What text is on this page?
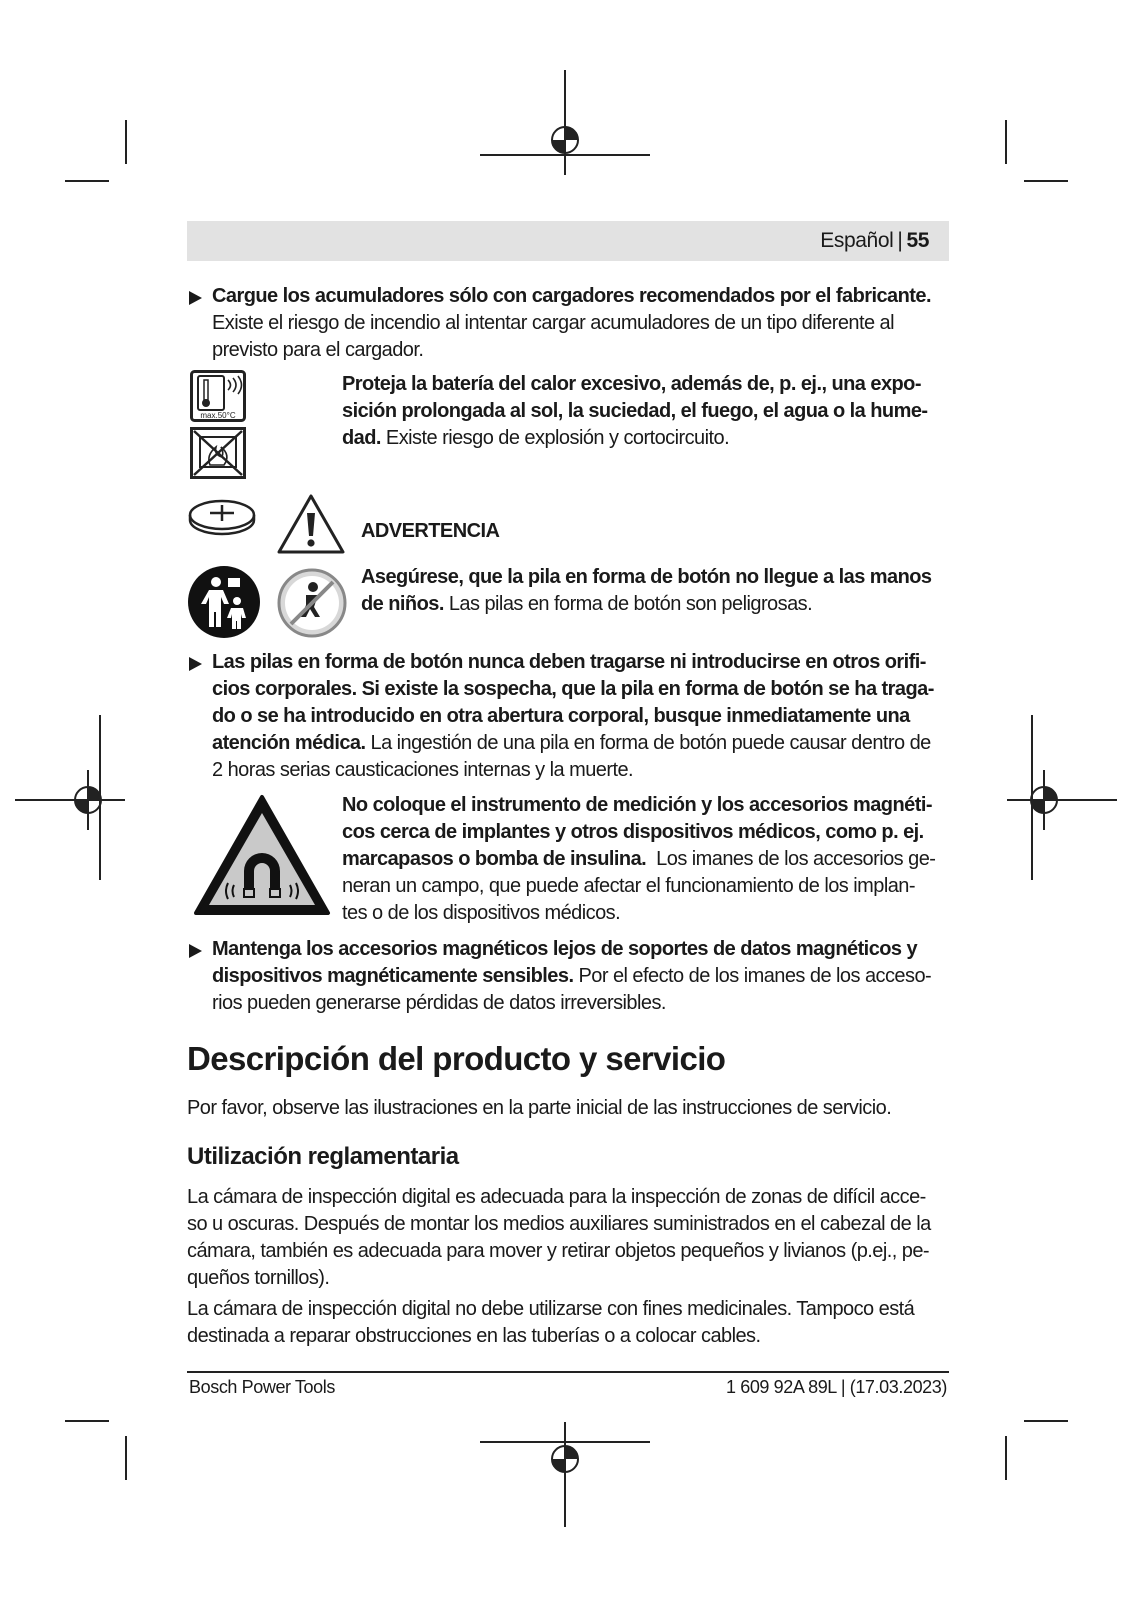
Español | 55
Cargue los acumuladores sólo con cargadores recomendados por el fabricante.
Existe el riesgo de incendio al intentar cargar acumuladores de un tipo diferente al
previsto para el cargador.
max.50°C
Proteja la batería del calor excesivo, además de, p. ej., una expo-
sición prolongada al sol, la suciedad, el fuego, el agua o la hume-
dad. Existe riesgo de explosión y cortocircuito.
ADVERTENCIA
Asegúrese, que la pila en forma de botón no llegue a las manos
de niños. Las pilas en forma de botón son peligrosas.
Las pilas en forma de botón nunca deben tragarse ni introducirse en otros orifi-
cios corporales. Si existe la sospecha, que la pila en forma de botón se ha traga-
do o se ha introducido en otra abertura corporal, busque inmediatamente una
atención médica. La ingestión de una pila en forma de botón puede causar dentro de
2 horas serias causticaciones internas y la muerte.
No coloque el instrumento de medición y los accesorios magnéti-
cos cerca de implantes y otros dispositivos médicos, como p. ej.
marcapasos o bomba de insulina.  Los imanes de los accesorios ge-
neran un campo, que puede afectar el funcionamiento de los implan-
tes o de los dispositivos médicos.
Mantenga los accesorios magnéticos lejos de soportes de datos magnéticos y
dispositivos magnéticamente sensibles. Por el efecto de los imanes de los acceso-
rios pueden generarse pérdidas de datos irreversibles.
Descripción del producto y servicio
Por favor, observe las ilustraciones en la parte inicial de las instrucciones de servicio.
Utilización reglamentaria
La cámara de inspección digital es adecuada para la inspección de zonas de difícil acce-
so u oscuras. Después de montar los medios auxiliares suministrados en el cabezal de la
cámara, también es adecuada para mover y retirar objetos pequeños y livianos (p.ej., pe-
queños tornillos).
La cámara de inspección digital no debe utilizarse con fines medicinales. Tampoco está
destinada a reparar obstrucciones en las tuberías o a colocar cables.
Bosch Power Tools	1 609 92A 89L | (17.03.2023)
